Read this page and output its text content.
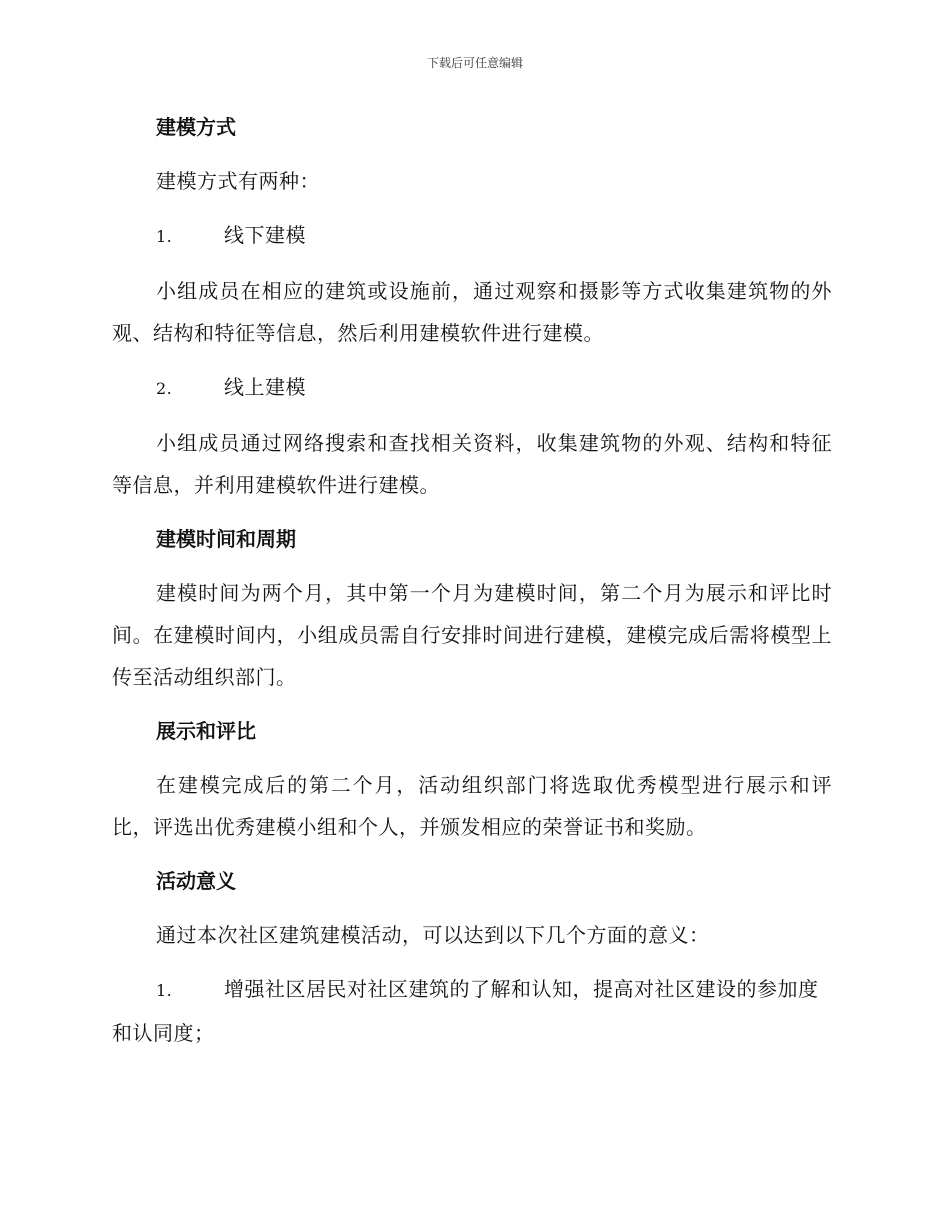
下载后可任意编辑
建模方式
建模方式有两种：
1.	线下建模
小组成员在相应的建筑或设施前，通过观察和摄影等方式收集建筑物的外观、结构和特征等信息，然后利用建模软件进行建模。
2.	线上建模
小组成员通过网络搜索和查找相关资料，收集建筑物的外观、结构和特征等信息，并利用建模软件进行建模。
建模时间和周期
建模时间为两个月，其中第一个月为建模时间，第二个月为展示和评比时间。在建模时间内，小组成员需自行安排时间进行建模，建模完成后需将模型上传至活动组织部门。
展示和评比
在建模完成后的第二个月，活动组织部门将选取优秀模型进行展示和评比，评选出优秀建模小组和个人，并颁发相应的荣誉证书和奖励。
活动意义
通过本次社区建筑建模活动，可以达到以下几个方面的意义：
1.	增强社区居民对社区建筑的了解和认知，提高对社区建设的参加度和认同度；
